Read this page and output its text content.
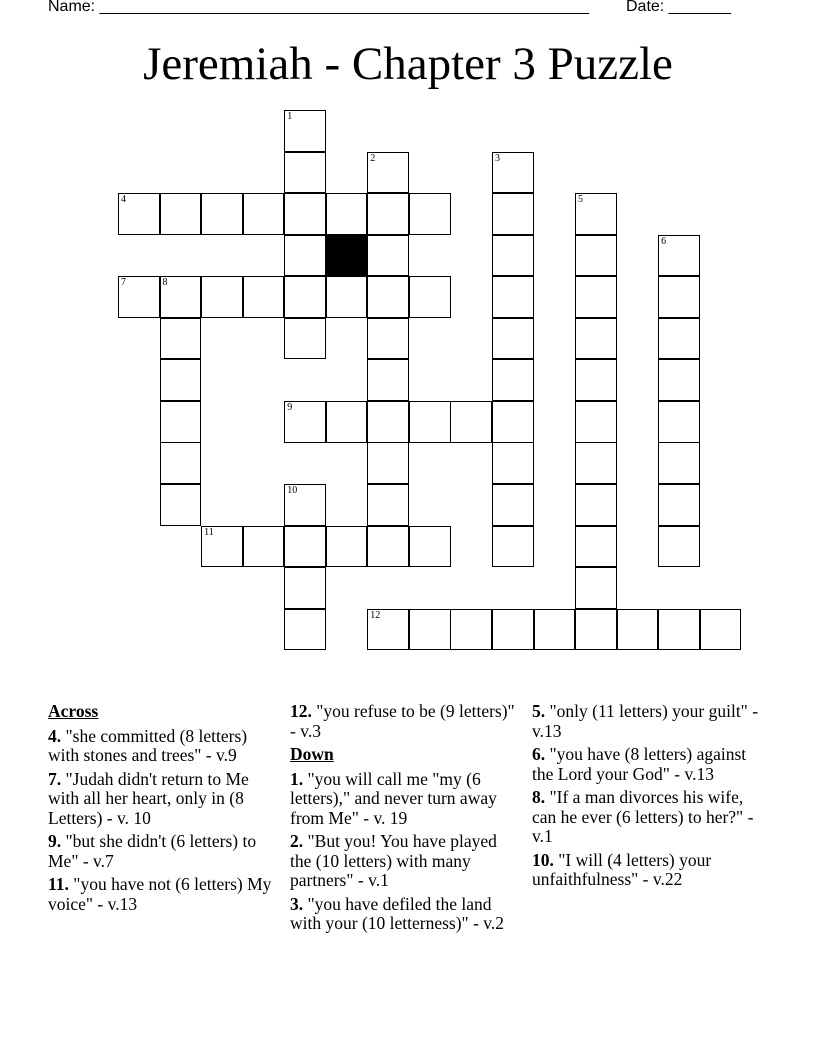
Name: _______________________________________________________ Date: _______
Jeremiah - Chapter 3 Puzzle
4
7	8
9
11
12
1
2	3
5
6
10
Across
4. "she committed (8 letters) with stones and trees" - v.9
7. "Judah didn't return to Me with all her heart, only in (8 Letters) - v. 10
9. "but she didn't (6 letters) to Me" - v.7
11. "you have not (6 letters) My voice" - v.13
12. "you refuse to be (9 letters)" - v.3
Down
1. "you will call me "my (6 letters)," and never turn away from Me" - v. 19
2. "But you! You have played the (10 letters) with many partners" - v.1
3. "you have defiled the land with your (10 letterness)" - v.2
5. "only (11 letters) your guilt" - v.13
6. "you have (8 letters) against the Lord your God" - v.13
8. "If a man divorces his wife, can he ever (6 letters) to her?" - v.1
10. "I will (4 letters) your unfaithfulness" - v.22
